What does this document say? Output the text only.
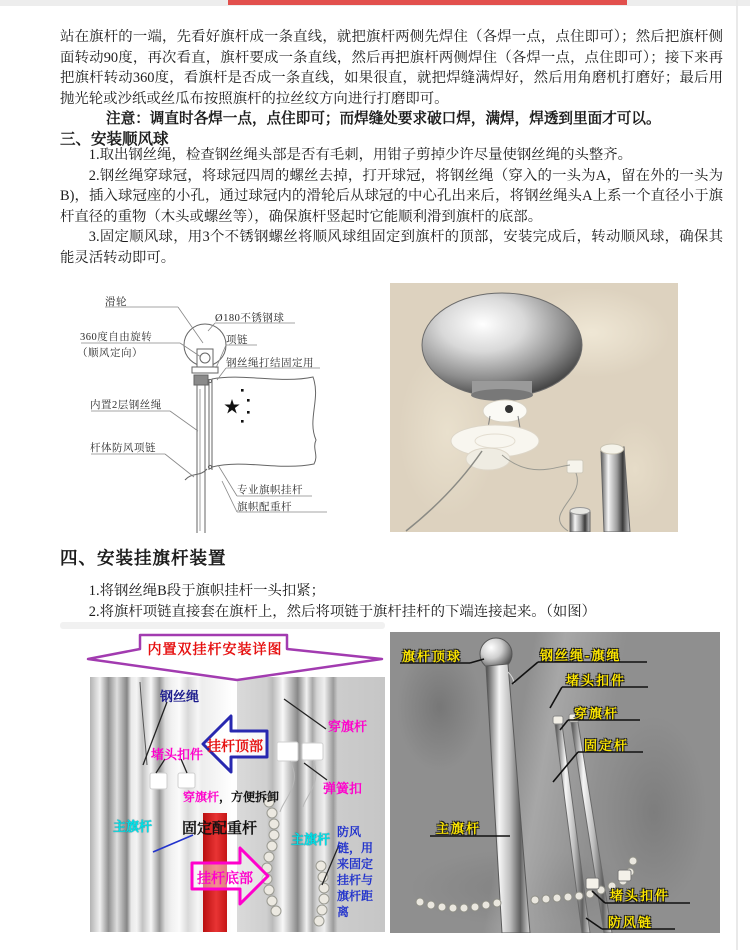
站在旗杆的一端，先看好旗杆成一条直线，就把旗杆两侧先焊住（各焊一点，点住即可）；然后把旗杆侧面转动90度，再次看直，旗杆要成一条直线，然后再把旗杆两侧焊住（各焊一点，点住即可）；接下来再把旗杆转动360度，看旗杆是否成一条直线，如果很直，就把焊缝满焊好，然后用角磨机打磨好；最后用抛光轮或沙纸或丝瓜布按照旗杆的拉丝纹方向进行打磨即可。
注意：调直时各焊一点，点住即可；而焊缝处要求破口焊，满焊，焊透到里面才可以。
三、安装顺风球

1.取出钢丝绳，检查钢丝绳头部是否有毛刺，用钳子剪掉少许尽量使钢丝绳的头整齐。

2.钢丝绳穿球冠，将球冠四周的螺丝去掉，打开球冠，将钢丝绳（穿入的一头为A，留在外的一头为B)，插入球冠座的小孔，通过球冠内的滑轮后从球冠的中心孔出来后，将钢丝绳头A上系一个直径小于旗杆直径的重物（木头或螺丝等），确保旗杆竖起时它能顺利滑到旗杆的底部。

3.固定顺风球，用3个不锈钢螺丝将顺风球组固定到旗杆的顶部，安装完成后，转动顺风球，确保其能灵活转动即可。

滑轮
Ø180不锈钢球
360度自由旋转
（顺风定向）
项链
钢丝绳打结固定用
内置2层钢丝绳
杆体防风项链
专业旗帜挂杆
旗帜配重杆
四、安装挂旗杆装置

1.将钢丝绳B段于旗帜挂杆一头扣紧；

2.将旗杆项链直接套在旗杆上，然后将项链于旗杆挂杆的下端连接起来。（如图）

内置双挂杆安装详图
钢丝绳
穿旗杆
堵头扣件
挂杆顶部
弹簧扣
穿旗杆，方便拆卸
主旗杆 固定配重杆
主旗杆 防风链，用来固定挂杆与旗杆距离
挂杆底部
旗杆顶球	钢丝绳-旗绳
堵头扣件
穿旗杆
固定杆
主旗杆
堵头扣件
防风链
